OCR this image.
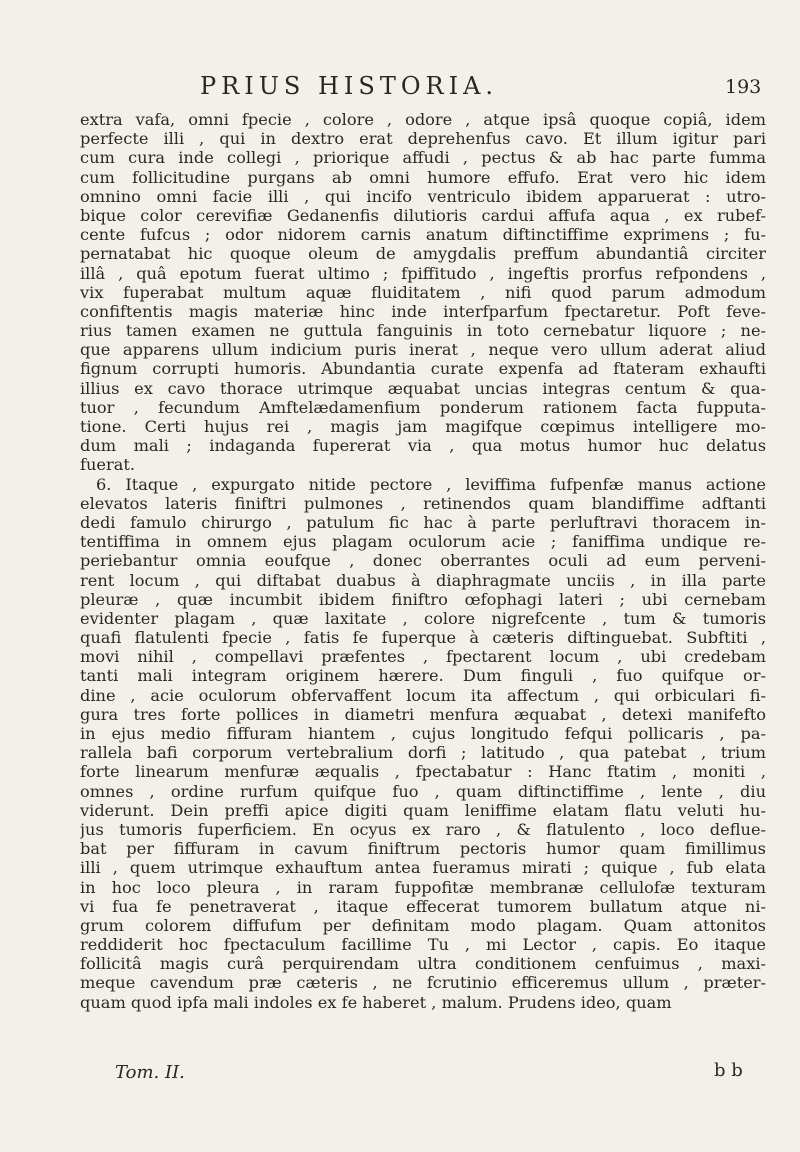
PRIUS HISTORIA.	193
extra vafa, omni fpecie , colore , odore , atque ipsâ quoque copiâ, idem
perfecte illi , qui in dextro erat deprehenfus cavo. Et illum igitur pari
cum cura inde collegi , priorique affudi , pectus & ab hac parte fumma
cum follicitudine purgans ab omni humore effufo. Erat vero hic idem
omnino omni facie illi , qui incifo ventriculo ibidem apparuerat : utro-
bique color cerevifiæ Gedanenfis dilutioris cardui affufa aqua , ex rubef-
cente fufcus ; odor nidorem carnis anatum diftinctiffime exprimens ; fu-
pernatabat hic quoque oleum de amygdalis preffum abundantiâ circiter
illâ , quâ epotum fuerat ultimo ; fpiffitudo , ingeftis prorfus refpondens ,
vix fuperabat multum aquæ fluiditatem , nifi quod parum admodum
confiftentis magis materiæ hinc inde interfparfum fpectaretur. Poft feve-
rius tamen examen ne guttula fanguinis in toto cernebatur liquore ; ne-
que apparens ullum indicium puris inerat , neque vero ullum aderat aliud
fignum corrupti humoris. Abundantia curate expenfa ad ftateram exhaufti
illius ex cavo thorace utrimque æquabat uncias integras centum & qua-
tuor , fecundum Amftelædamenfium ponderum rationem facta fupputa-
tione. Certi hujus rei , magis jam magifque cœpimus intelligere mo-
dum mali ; indaganda fupererat via , qua motus humor huc delatus
fuerat.
6. Itaque , expurgato nitide pectore , leviffima fufpenfæ manus actione
elevatos lateris finiftri pulmones , retinendos quam blandiffime adftanti
dedi famulo chirurgo , patulum fic hac à parte perluftravi thoracem in-
tentiffima in omnem ejus plagam oculorum acie ; faniffima undique re-
periebantur omnia eoufque , donec oberrantes oculi ad eum perveni-
rent locum , qui diftabat duabus à diaphragmate unciis , in illa parte
pleuræ , quæ incumbit ibidem finiftro œfophagi lateri ; ubi cernebam
evidenter plagam , quæ laxitate , colore nigrefcente , tum & tumoris
quafi flatulenti fpecie , fatis fe fuperque à cæteris diftinguebat. Subftiti ,
movi nihil , compellavi præfentes , fpectarent locum , ubi credebam
tanti mali integram originem hærere. Dum finguli , fuo quifque or-
dine , acie oculorum obfervaffent locum ita affectum , qui orbiculari fi-
gura tres forte pollices in diametri menfura æquabat , detexi manifefto
in ejus medio fiffuram hiantem , cujus longitudo fefqui pollicaris , pa-
rallela bafi corporum vertebralium dorfi ; latitudo , qua patebat , trium
forte linearum menfuræ æqualis , fpectabatur : Hanc ftatim , moniti ,
omnes , ordine rurfum quifque fuo , quam diftinctiffime , lente , diu
viderunt. Dein preffi apice digiti quam leniffime elatam flatu veluti hu-
jus tumoris fuperficiem. En ocyus ex raro , & flatulento , loco deflue-
bat per fiffuram in cavum finiftrum pectoris humor quam fimillimus
illi , quem utrimque exhauftum antea fueramus mirati ; quique , fub elata
in hoc loco pleura , in raram fuppofitæ membranæ cellulofæ texturam
vi fua fe penetraverat , itaque effecerat tumorem bullatum atque ni-
grum colorem diffufum per definitam modo plagam. Quam attonitos
reddiderit hoc fpectaculum facillime Tu , mi Lector , capis. Eo itaque
follicitâ magis curâ perquirendam ultra conditionem cenfuimus , maxi-
meque cavendum præ cæteris , ne fcrutinio efficeremus ullum , præter-
quam quod ipfa mali indoles ex fe haberet , malum. Prudens ideo, quam
Tom. II.	b b
